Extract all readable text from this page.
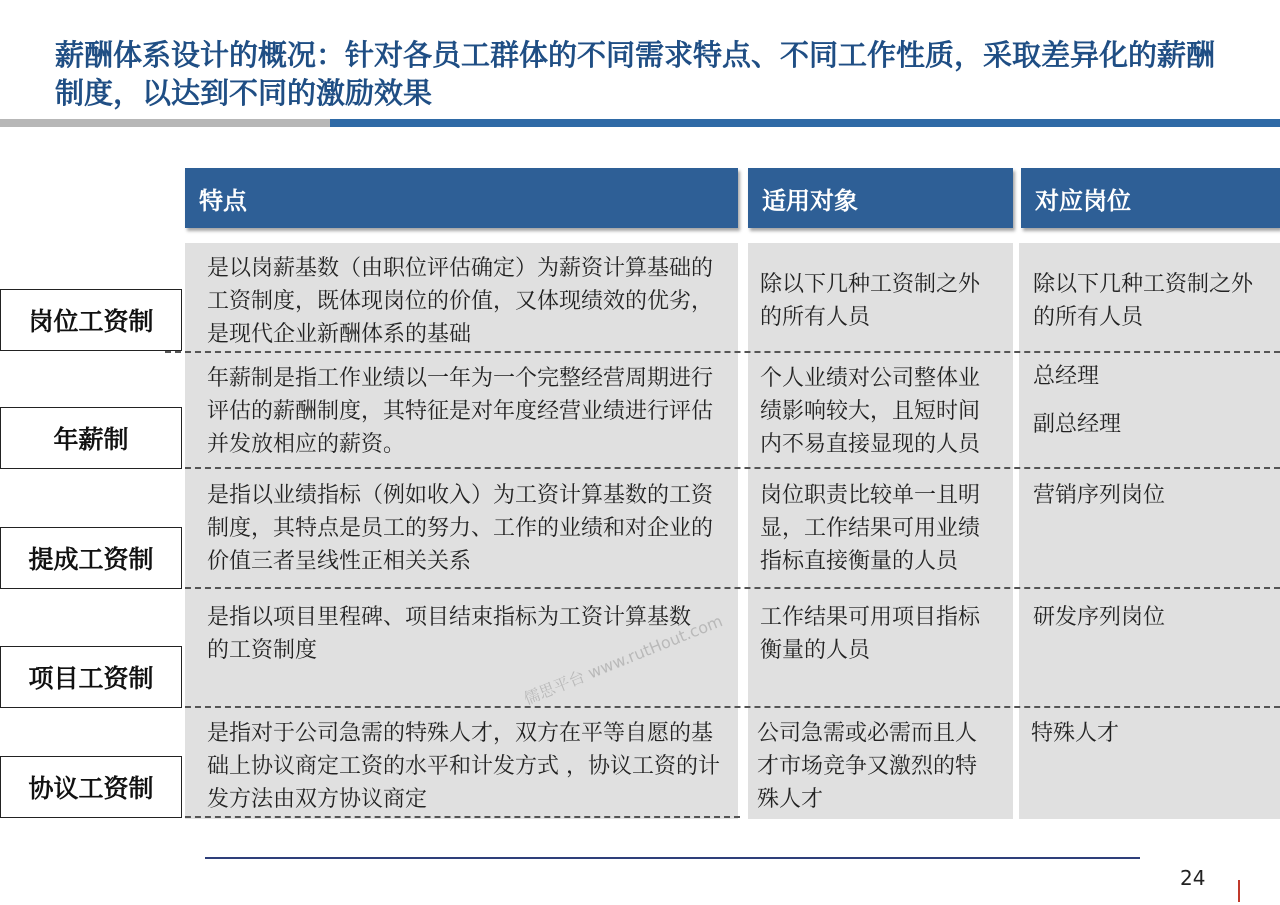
薪酬体系设计的概况：针对各员工群体的不同需求特点、不同工作性质，采取差异化的薪酬制度，以达到不同的激励效果
特点	适用对象	对应岗位
岗位工资制
是以岗薪基数（由职位评估确定）为薪资计算基础的工资制度，既体现岗位的价值，又体现绩效的优劣，是现代企业新酬体系的基础
除以下几种工资制之外的所有人员
除以下几种工资制之外的所有人员
年薪制
年薪制是指工作业绩以一年为一个完整经营周期进行评估的薪酬制度，其特征是对年度经营业绩进行评估并发放相应的薪资。
个人业绩对公司整体业绩影响较大，且短时间内不易直接显现的人员
总经理
副总经理
提成工资制
是指以业绩指标（例如收入）为工资计算基数的工资制度，其特点是员工的努力、工作的业绩和对企业的价值三者呈线性正相关关系
岗位职责比较单一且明显，工作结果可用业绩指标直接衡量的人员
营销序列岗位
项目工资制
是指以项目里程碑、项目结束指标为工资计算基数的工资制度
工作结果可用项目指标衡量的人员
研发序列岗位
协议工资制
是指对于公司急需的特殊人才，双方在平等自愿的基础上协议商定工资的水平和计发方式 ，协议工资的计发方法由双方协议商定
公司急需或必需而且人才市场竞争又激烈的特殊人才
特殊人才
儒思平台 www.rutHout.com
24
